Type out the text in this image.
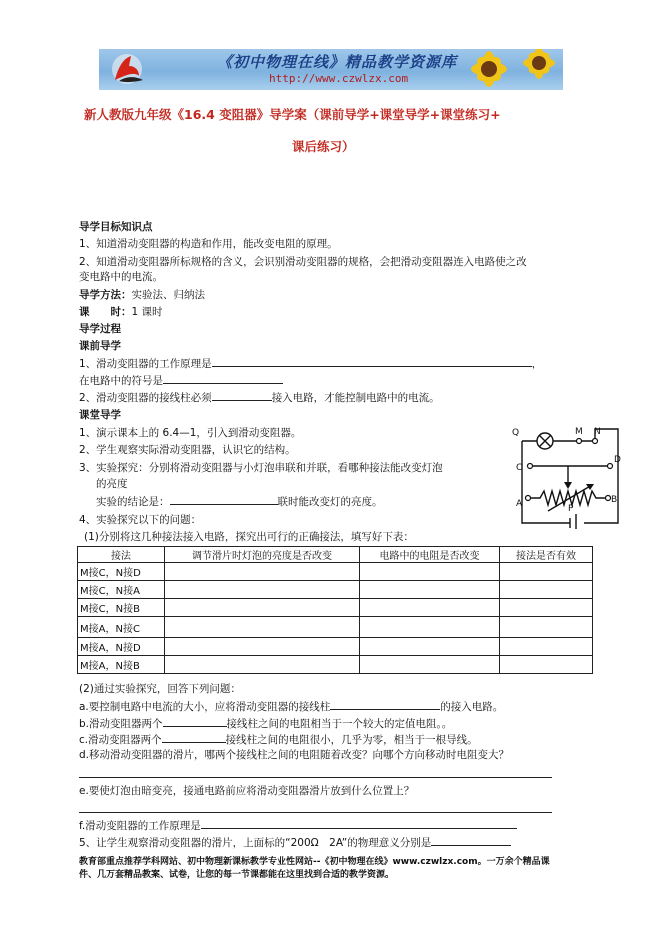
《初中物理在线》精品教学资源库
http://www.czwlzx.com
新人教版九年级《16.4 变阻器》导学案（课前导学+课堂导学+课堂练习+
课后练习）
导学目标知识点
1、知道滑动变阻器的构造和作用，能改变电阻的原理。
2、知道滑动变阻器所标规格的含义，会识别滑动变阻器的规格，会把滑动变阻器连入电路使之改
变电路中的电流。
导学方法：实验法、归纳法
课　　时：1 课时
导学过程
课前导学
1、滑动变阻器的工作原理是	，
在电路中的符号是
2、滑动变阻器的接线柱必须	接入电路，才能控制电路中的电流。
课堂导学
1、演示课本上的 6.4—1，引入到滑动变阻器。
2、学生观察实际滑动变阻器，认识它的结构。
3、实验探究：分别将滑动变阻器与小灯泡串联和并联，看哪种接法能改变灯泡
的亮度
实验的结论是：	联时能改变灯的亮度。
4、实验探究以下的问题：
(1)分别将这几种接法接入电路，探究出可行的正确接法，填写好下表：
Q	M N
C
D
A	P
B
接法	调节滑片时灯泡的亮度是否改变	电路中的电阻是否改变	接法是否有效
M接C，N接D			
M接C，N接A			
M接C，N接B			
M接A，N接C			
M接A，N接D			
M接A，N接B			
(2)通过实验探究，回答下列问题：
a.要控制电路中电流的大小，应将滑动变阻器的接线柱	的接入电路。
b.滑动变阻器两个	接线柱之间的电阻相当于一个较大的定值电阻。。
c.滑动变阻器两个	接线柱之间的电阻很小，几乎为零，相当于一根导线。
d.移动滑动变阻器的滑片，哪两个接线柱之间的电阻随着改变？向哪个方向移动时电阻变大？
e.要使灯泡由暗变亮，接通电路前应将滑动变阻器滑片放到什么位置上？
f.滑动变阻器的工作原理是
5、让学生观察滑动变阻器的滑片，上面标的“200Ω　2A”的物理意义分别是
教育部重点推荐学科网站、初中物理新课标教学专业性网站--《初中物理在线》www.czwlzx.com。一万余个精品课
件、几万套精品教案、试卷，让您的每一节课都能在这里找到合适的教学资源。
